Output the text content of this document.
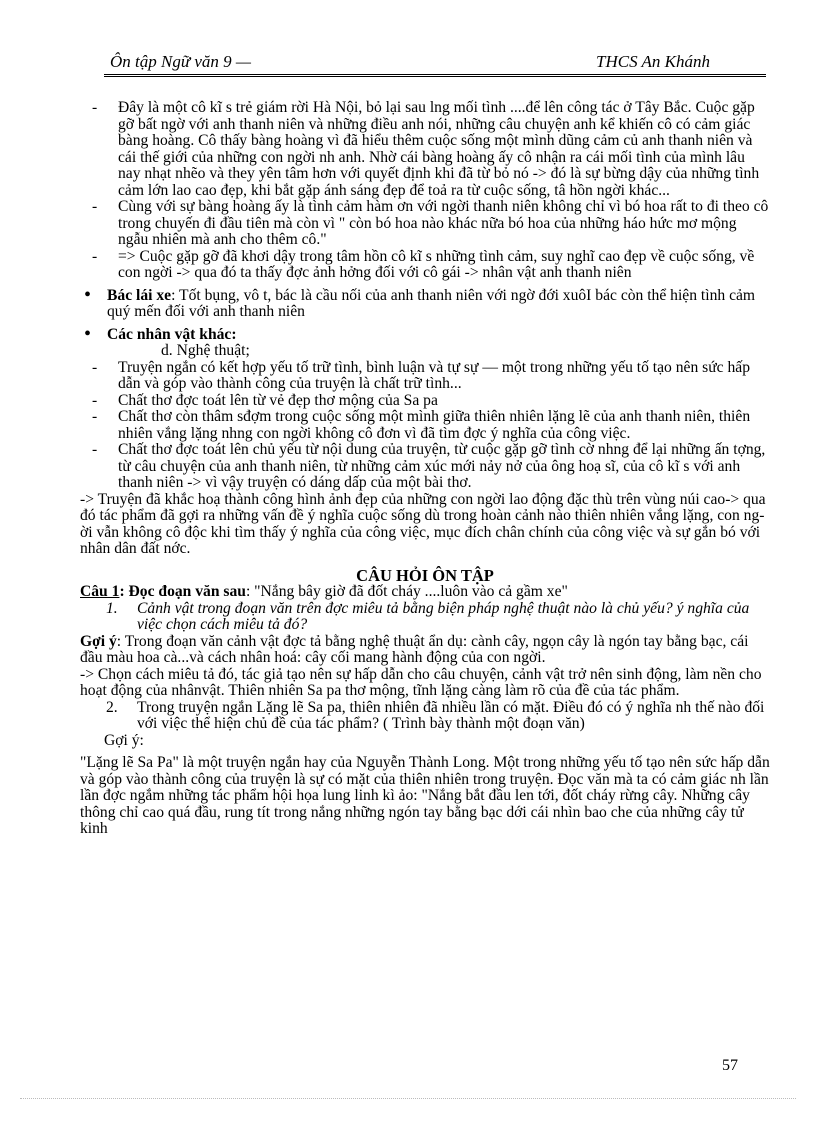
Ôn tập Ngữ văn 9 —	THCS An Khánh
- Đây là một cô kĩ s trẻ giám rời Hà Nội, bỏ lại sau lng mối tình ....để lên công tác ở Tây Bắc. Cuộc gặp gỡ bất ngờ với anh thanh niên và những điều anh nói, những câu chuyện anh kể khiến cô có cảm giác bàng hoàng. Cô thấy bàng hoàng vì đã hiểu thêm cuộc sống một mình dũng cảm củ anh thanh niên và cái thế giới của những con ngời nh anh. Nhờ cái bàng hoàng ấy cô nhận ra cái mối tình của mình lâu nay nhạt nhẽo và they yên tâm hơn với quyết định khi đã từ bỏ nó -> đó là sự bừng dậy của những tình cảm lớn lao cao đẹp, khi bắt gặp ánh sáng đẹp để toả ra từ cuộc sống, tâ hồn ngời khác...
- Cùng với sự bàng hoàng ấy là tình cảm hàm ơn với ngời thanh niên không chỉ vì bó hoa rất to đi theo cô trong chuyến đi đầu tiên mà còn vì " còn bó hoa nào khác nữa bó hoa của những háo hức mơ mộng ngẫu nhiên mà anh cho thêm cô."
- => Cuộc gặp gỡ đã khơi dậy trong tâm hồn cô kĩ s những tình cảm, suy nghĩ cao đẹp về cuộc sống, về con ngời -> qua đó ta thấy đợc ảnh hởng đối với cô gái -> nhân vật anh thanh niên
• Bác lái xe: Tốt bụng, vô t, bác là cầu nối của anh thanh niên với ngờ đới xuôI bác còn thể hiện tình cảm quý mến đối với anh thanh niên
• Các nhân vật khác:
d. Nghệ thuật;
- Truyện ngắn có kết hợp yếu tố trữ tình, bình luận và tự sự — một trong những yếu tố tạo nên sức hấp dẫn và góp vào thành công của truyện là chất trữ tình...
- Chất thơ đợc toát lên từ vẻ đẹp thơ mộng của Sa pa
- Chất thơ còn thâm sđợm trong cuộc sống một mình giữa thiên nhiên lặng lẽ của anh thanh niên, thiên nhiên vắng lặng nhng con ngời không cô đơn vì đã tìm đợc ý nghĩa của công việc.
- Chất thơ đợc toát lên chủ yếu từ nội dung của truyện, từ cuộc gặp gỡ tình cờ nhng để lại những ấn tợng, từ câu chuyện của anh thanh niên, từ những cảm xúc mới nảy nở của ông hoạ sĩ, của cô kĩ s với anh thanh niên -> vì vậy truyện có dáng dấp của một bài thơ.
-> Truyện đã khắc hoạ thành công hình ảnh đẹp của những con ngời lao động đặc thù trên vùng núi cao-> qua đó tác phẩm đã gợi ra những vấn đề ý nghĩa cuộc sống dù trong hoàn cảnh nào thiên nhiên vắng lặng, con ngời vẫn không cô độc khi tìm thấy ý nghĩa của công việc, mục đích chân chính của công việc và sự gắn bó với nhân dân đất nớc.
CÂU HỎI ÔN TẬP
Câu 1: Đọc đoạn văn sau: "Nắng bây giờ đã đốt cháy ....luôn vào cả gầm xe"
1. Cảnh vật trong đoạn văn trên đợc miêu tả bằng biện pháp nghệ thuật nào là chủ yếu? ý nghĩa của việc chọn cách miêu tả đó?
Gợi ý: Trong đoạn văn cảnh vật đợc tả bằng nghệ thuật ẩn dụ: cành cây, ngọn cây là ngón tay bằng bạc, cái đầu màu hoa cà...và cách nhân hoá: cây cối mang hành động của con ngời.
-> Chọn cách miêu tả đó, tác giả tạo nên sự hấp dẫn cho câu chuyện, cảnh vật trở nên sinh động, làm nền cho hoạt động của nhânvật. Thiên nhiên Sa pa thơ mộng, tĩnh lặng càng làm rõ của đề của tác phẩm.
2. Trong truyện ngắn Lặng lẽ Sa pa, thiên nhiên đã nhiều lần có mặt. Điều đó có ý nghĩa nh thế nào đối với việc thể hiện chủ đề của tác phẩm? ( Trình bày thành một đoạn văn)
Gợi ý:
"Lặng lẽ Sa Pa" là một truyện ngắn hay của Nguyễn Thành Long. Một trong những yếu tố tạo nên sức hấp dẫn và góp vào thành công của truyện là sự có mặt của thiên nhiên trong truyện. Đọc văn mà ta có cảm giác nh lần lần đợc ngắm những tác phẩm hội họa lung linh kì ảo: "Nắng bắt đầu len tới, đốt cháy rừng cây. Những cây thông chỉ cao quá đầu, rung tít trong nắng những ngón tay bằng bạc dới cái nhìn bao che của những cây tử kinh
57
